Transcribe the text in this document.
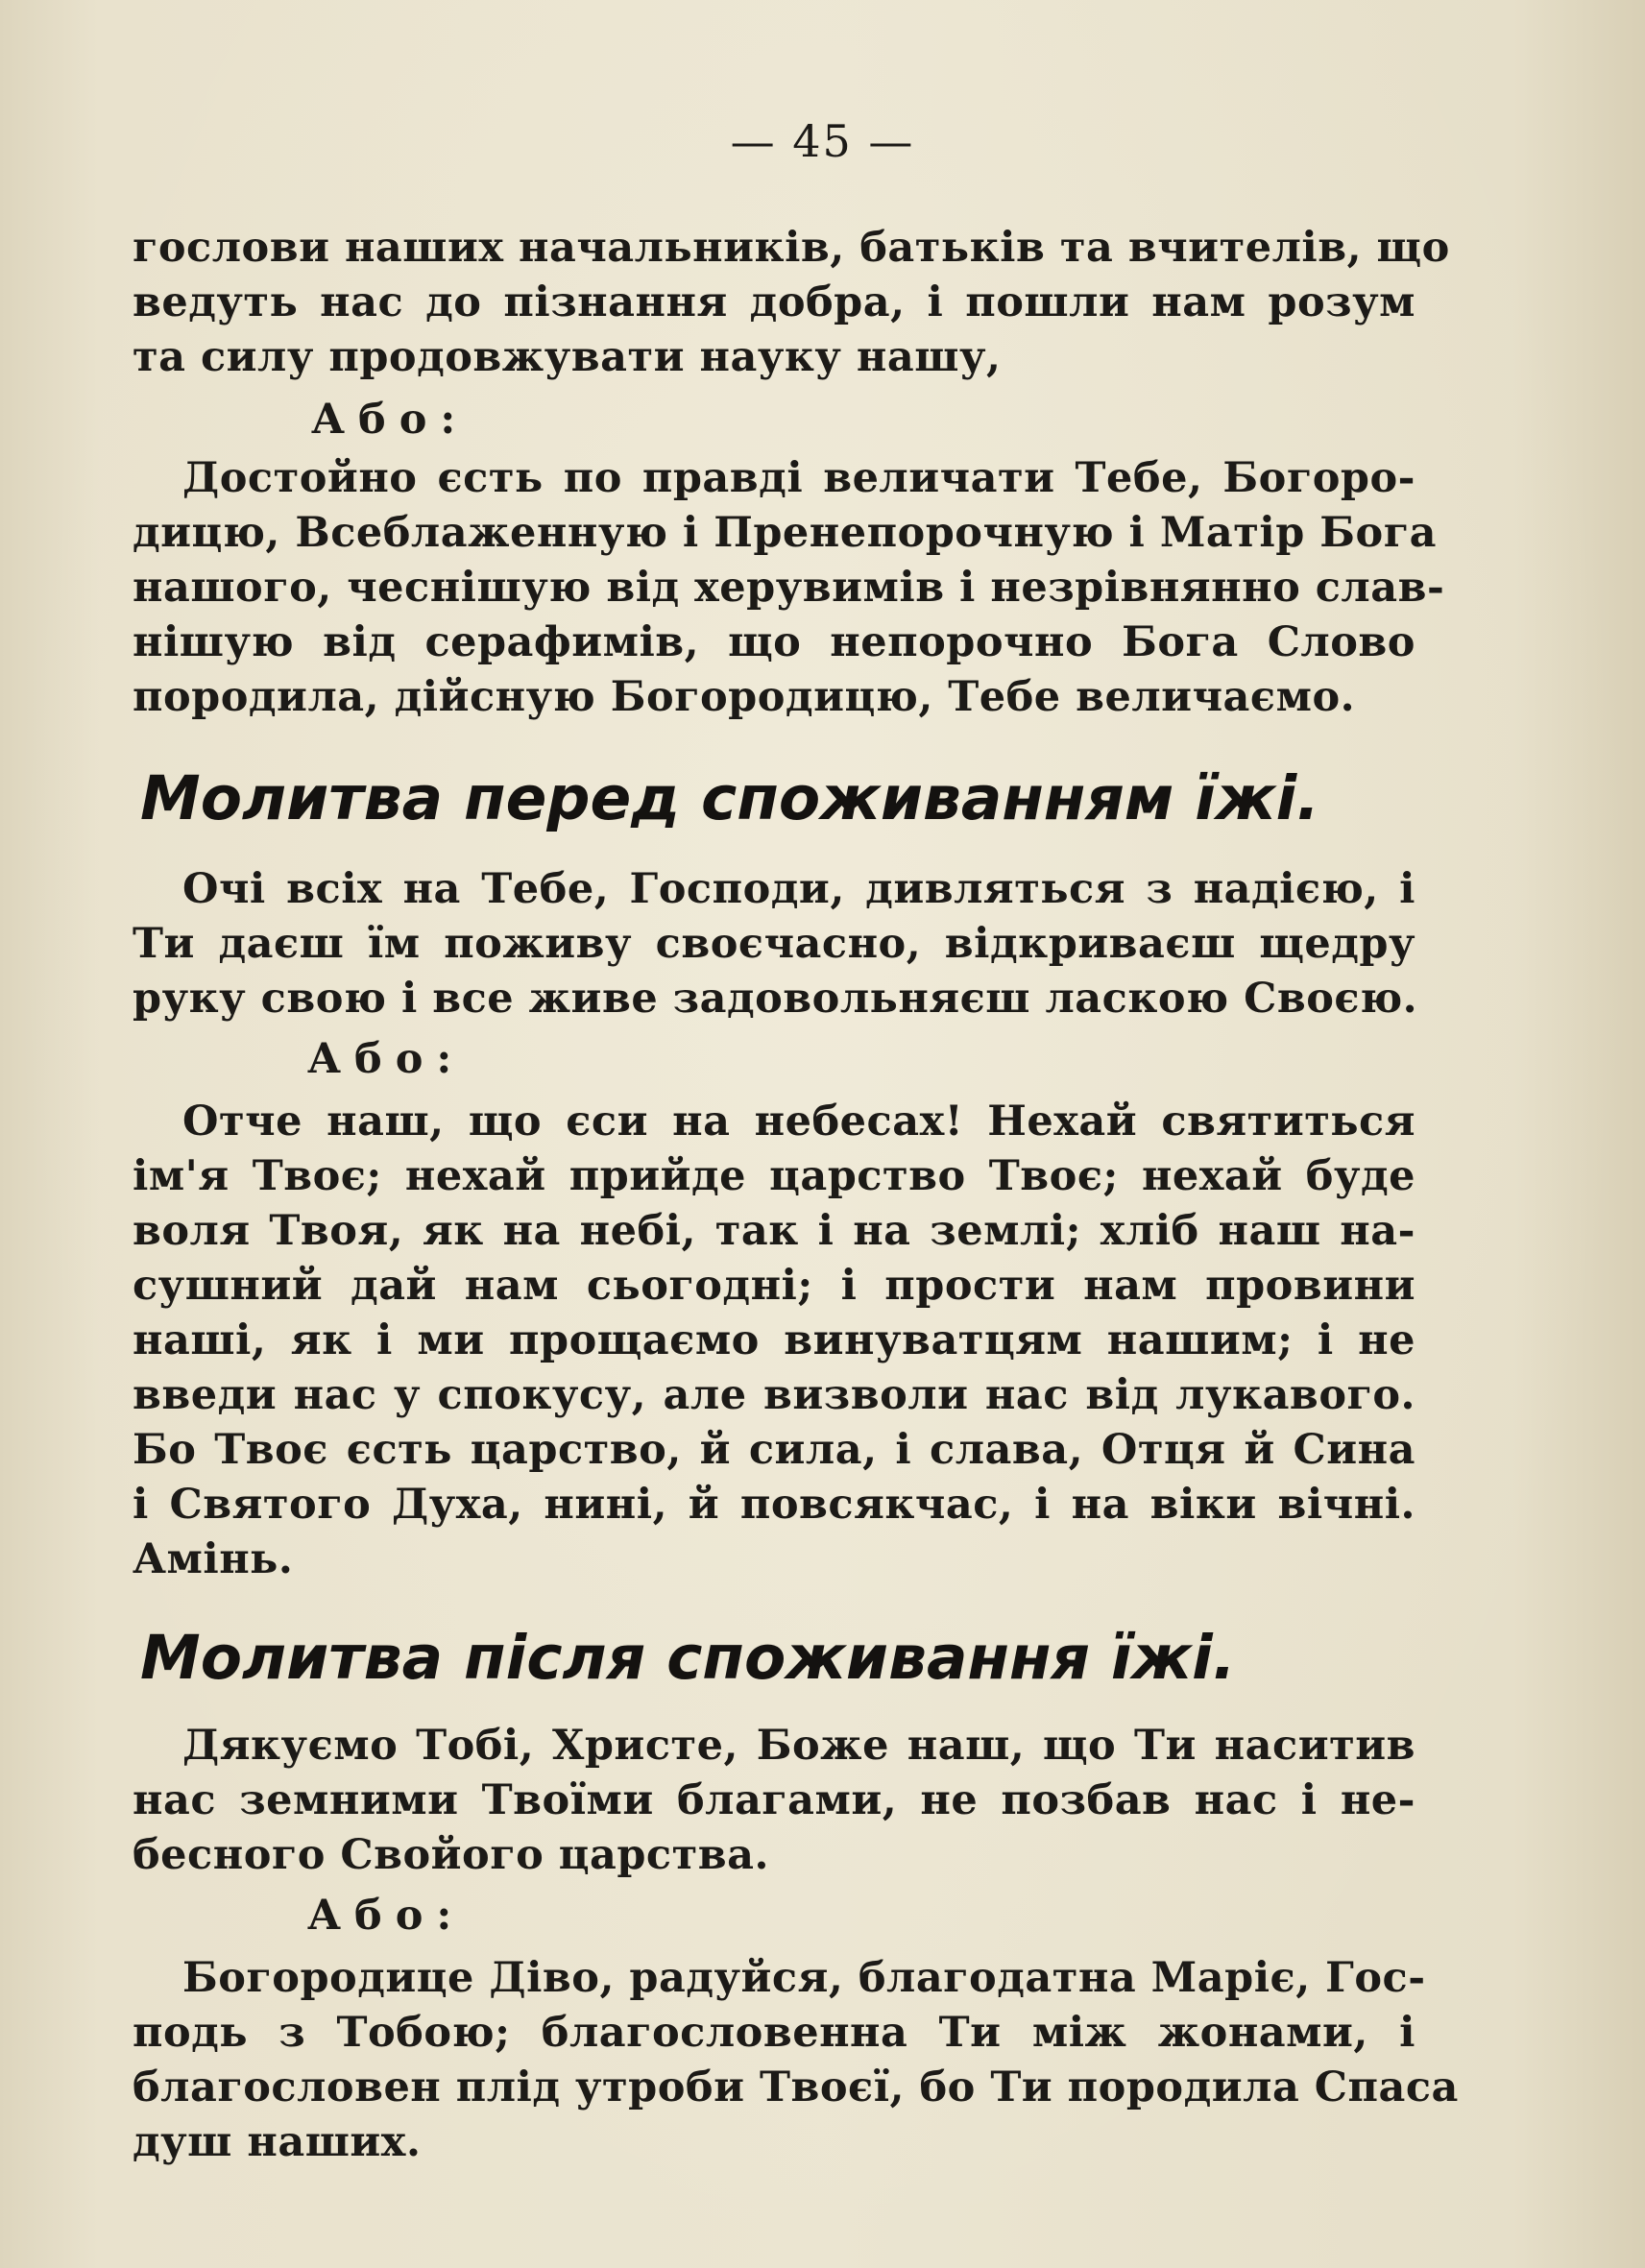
— 45 —
гослови наших начальників, батьків та вчителів, що
ведуть нас до пізнання добра, і пошли нам розум
та силу продовжувати науку нашу,
Або:
Достойно єсть по правді величати Тебе, Богоро-
дицю, Всеблаженную і Пренепорочную і Матір Бога
нашого, чеснішую від херувимів і незрівнянно слав-
нішую від серафимів, що непорочно Бога Слово
породила, дійсную Богородицю, Тебе величаємо.
Молитва перед споживанням їжі.
Очі всіх на Тебе, Господи, дивляться з надією, і
Ти даєш їм поживу своєчасно, відкриваєш щедру
руку свою і все живе задовольняєш ласкою Своєю.
Або:
Отче наш, що єси на небесах! Нехай святиться
ім'я Твоє; нехай прийде царство Твоє; нехай буде
воля Твоя, як на небі, так і на землі; хліб наш на-
сушний дай нам сьогодні; і прости нам провини
наші, як і ми прощаємо винуватцям нашим; і не
введи нас у спокусу, але визволи нас від лукавого.
Бо Твоє єсть царство, й сила, і слава, Отця й Сина
і Святого Духа, нині, й повсякчас, і на віки вічні.
Амінь.
Молитва після споживання їжі.
Дякуємо Тобі, Христе, Боже наш, що Ти наситив
нас земними Твоїми благами, не позбав нас і не-
бесного Свойого царства.
Або:
Богородице Діво, радуйся, благодатна Маріє, Гос-
подь з Тобою; благословенна Ти між жонами, і
благословен плід утроби Твоєї, бо Ти породила Спаса
душ наших.
